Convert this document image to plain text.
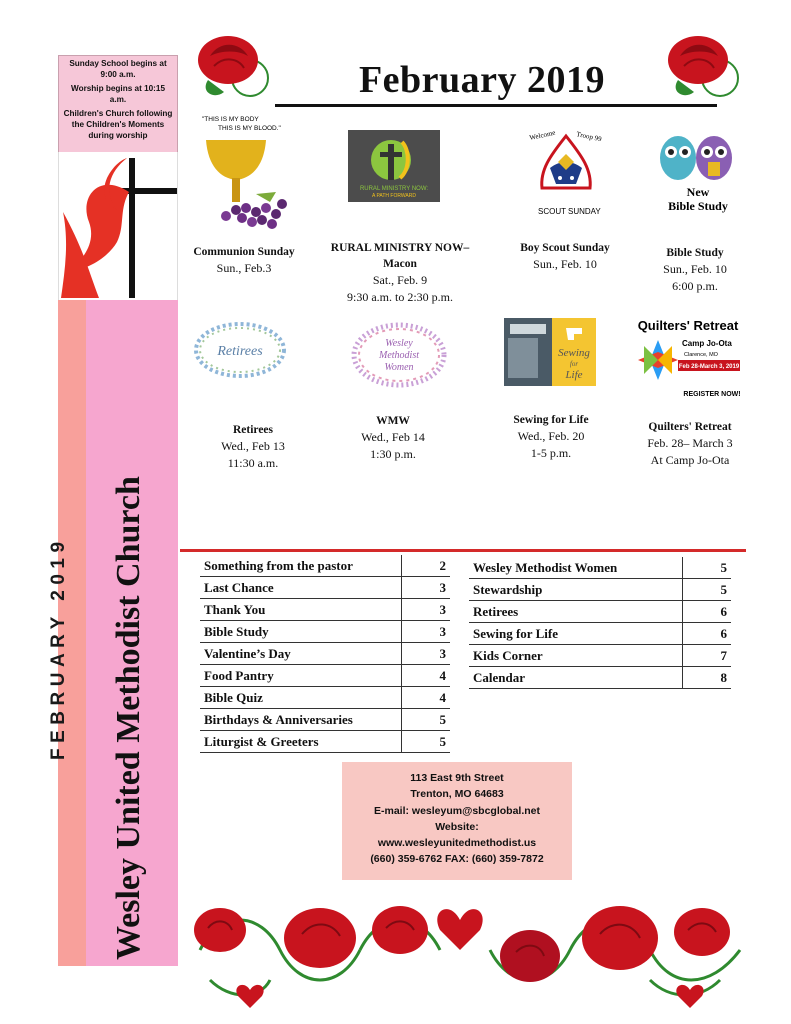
Sunday School begins at 9:00 a.m.

Worship begins at 10:15 a.m.

Children's Church following the Children's Moments during worship

FEBRUARY 2019 Wesley United Methodist Church
February 2019
"THIS IS MY BODY
THIS IS MY BLOOD."
Communion Sunday
Sun., Feb.3
RURAL MINISTRY NOW:
A PATH FORWARD
RURAL MINISTRY NOW– Macon
Sat., Feb. 9
9:30 a.m. to 2:30 p.m.
Welcome	Troop 99
SCOUT SUNDAY
Boy Scout Sunday
Sun., Feb. 10
New
Bible Study
Bible Study
Sun., Feb. 10
6:00 p.m.
Retirees
Retirees
Wed., Feb 13
11:30 a.m.
Wesley
Methodist
Women
WMW
Wed., Feb 14
1:30 p.m.
Sewing
for
Life
Sewing for Life
Wed., Feb. 20
1-5 p.m.
Quilters' Retreat
Camp Jo-Ota
Clarence, MO
Feb 28-March 3, 2019
REGISTER NOW!
Quilters' Retreat
Feb. 28– March 3
At Camp Jo-Ota
Something from the pastor	2
Last Chance	3
Thank You	3
Bible Study	3
Valentine’s Day	3
Food Pantry	4
Bible Quiz	4
Birthdays & Anniversaries	5
Liturgist & Greeters	5
Wesley Methodist Women	5
Stewardship	5
Retirees	6
Sewing for Life	6
Kids Corner	7
Calendar	8
113 East 9th Street
Trenton, MO 64683
E-mail: wesleyum@sbcglobal.net
Website:
www.wesleyunitedmethodist.us
(660) 359-6762 FAX: (660) 359-7872
